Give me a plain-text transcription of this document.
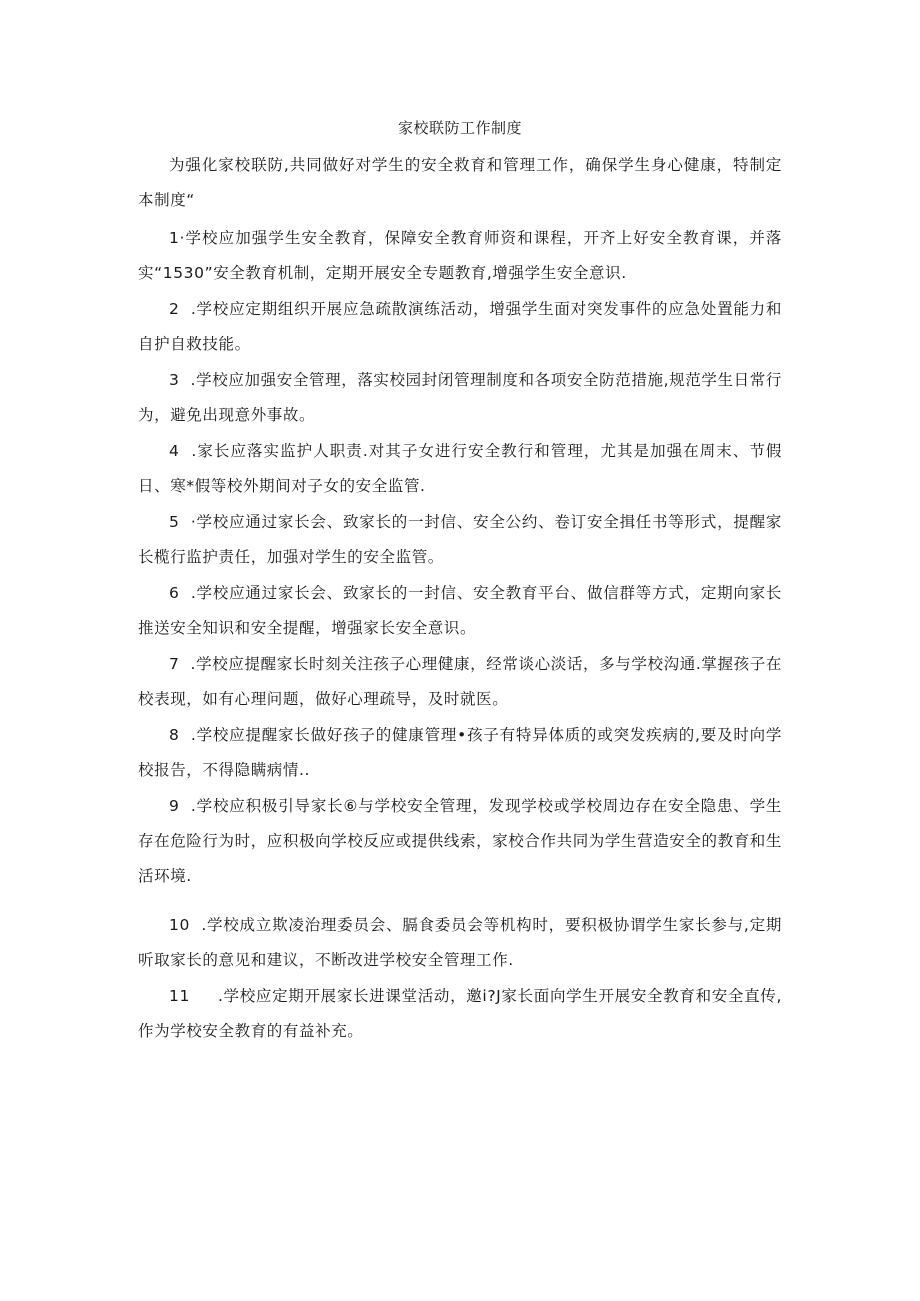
家校联防工作制度

为强化家校联防,共同做好对学生的安全救育和管理工作，确保学生身心健康，特制定本制度“

1·学校应加强学生安全教育，保障安全教育师资和课程，开齐上好安全教育课，并落实“1530”安全教育机制，定期开展安全专题教育,增强学生安全意识.

2  .学校应定期组织开展应急疏散演练活动，增强学生面对突发事件的应急处置能力和自护自救技能。

3  .学校应加强安全管理，落实校园封闭管理制度和各项安全防范措施,规范学生日常行为，避免出现意外事故。

4  .家长应落实监护人职责.对其子女进行安全教行和管理，尤其是加强在周末、节假日、寒*假等校外期间对子女的安全监管.

5  ·学校应通过家长会、致家长的一封信、安全公约、卷订安全揖任书等形式，提醒家长榄行监护责任，加强对学生的安全监管。

6  .学校应通过家长会、致家长的一封信、安全教育平台、做信群等方式，定期向家长推送安全知识和安全提醒，增强家长安全意识。

7  .学校应提醒家长时刻关注孩子心理健康，经常谈心淡话，多与学校沟通.掌握孩子在校表现，如有心理问题，做好心理疏导，及时就医。

8  .学校应提醒家长做好孩子的健康管理•孩子有特异体质的或突发疾病的,要及时向学校报告，不得隐瞒病情..

9  .学校应积极引导家长⑥与学校安全管理，发现学校或学校周边存在安全隐患、学生存在危险行为时，应积极向学校反应或提供线索，家校合作共同为学生营造安全的教育和生活环境.

10  .学校成立欺凌治理委员会、膈食委员会等机构时，要积极协谓学生家长参与,定期听取家长的意见和建议，不断改进学校安全管理工作.

11     .学校应定期开展家长进课堂活动，邀i?J家长面向学生开展安全教育和安全直传,作为学校安全教育的有益补充。
